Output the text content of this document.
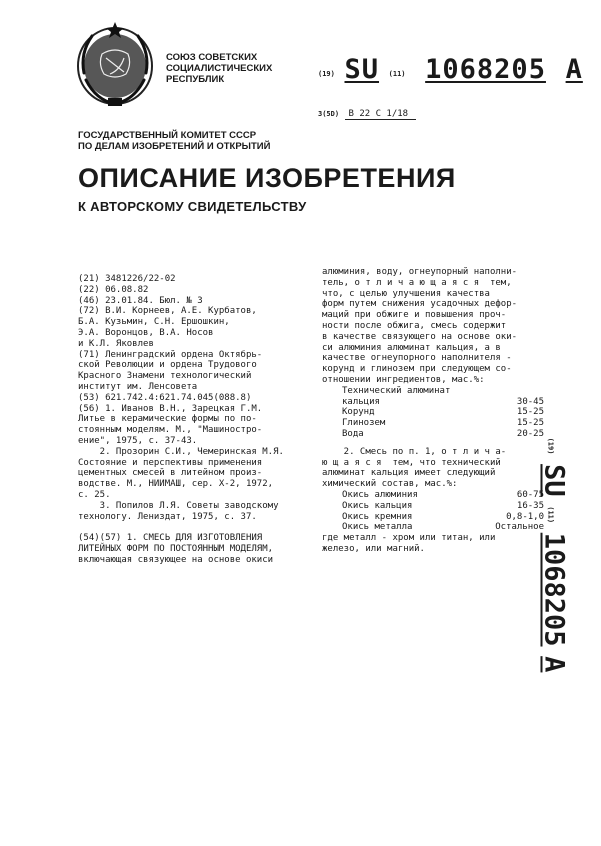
СОЮЗ СОВЕТСКИХ
СОЦИАЛИСТИЧЕСКИХ
РЕСПУБЛИК	(19) SU (11) 1068205 A
3(5D) В 22 С 1/18
ГОСУДАРСТВЕННЫЙ КОМИТЕТ СССР
ПО ДЕЛАМ ИЗОБРЕТЕНИЙ И ОТКРЫТИЙ
ОПИСАНИЕ ИЗОБРЕТЕНИЯ
К АВТОРСКОМУ СВИДЕТЕЛЬСТВУ
(21) 3481226/22-02
(22) 06.08.82
(46) 23.01.84. Бюл. № 3
(72) В.И. Корнеев, А.Е. Курбатов,
Б.А. Кузьмин, С.Н. Ершошкин,
Э.А. Воронцов, В.А. Носов
и К.Л. Яковлев
(71) Ленинградский ордена Октябрь-
ской Революции и ордена Трудового
Красного Знамени технологический
институт им. Ленсовета
(53) 621.742.4:621.74.045(088.8)
(56) 1. Иванов В.Н., Зарецкая Г.М.
Литье в керамические формы по по-
стоянным моделям. М., "Машиностро-
ение", 1975, с. 37-43.
2. Прозорин С.И., Чемеринская М.Я.
Состояние и перспективы применения
цементных смесей в литейном произ-
водстве. М., НИИМАШ, сер. Х-2, 1972,
с. 25.
3. Попилов Л.Я. Советы заводскому
технологу. Лениздат, 1975, с. 37.
(54)(57) 1. СМЕСЬ ДЛЯ ИЗГОТОВЛЕНИЯ
ЛИТЕЙНЫХ ФОРМ ПО ПОСТОЯННЫМ МОДЕЛЯМ,
включающая связующее на основе окиси
алюминия, воду, огнеупорный наполни-
тель, о т л и ч а ю щ а я с я  тем,
что, с целью улучшения качества
форм путем снижения усадочных дефор-
маций при обжиге и повышения проч-
ности после обжига, смесь содержит
в качестве связующего на основе оки-
си алюминия алюминат кальция, а в
качестве огнеупорного наполнителя -
корунд и глинозем при следующем со-
отношении ингредиентов, мас.%:
Технический алюминат
кальция	30-45
Корунд	15-25
Глинозем	15-25
Вода	20-25
2. Смесь по п. 1, о т л и ч а-
ю щ а я с я  тем, что технический
алюминат кальция имеет следующий
химический состав, мас.%:
Окись алюминия	60-75
Окись кальция	16-35
Окись кремния	0,8-1,0
Окись металла	Остальное
где металл - хром или титан, или
железо, или магний.
(19) SU (11) 1068205 A
